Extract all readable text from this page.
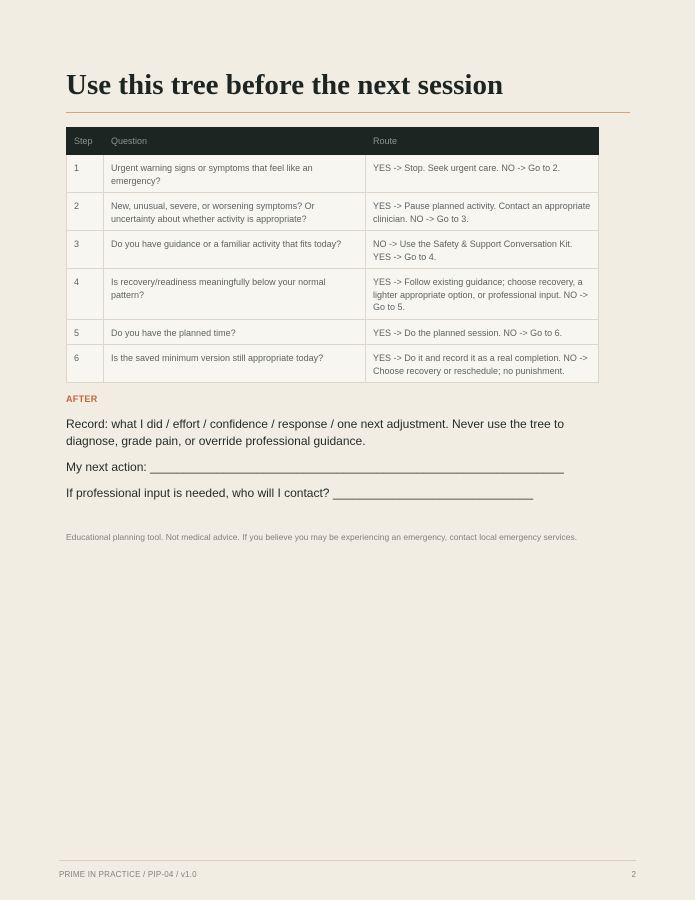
Use this tree before the next session
Step	Question	Route
1	Urgent warning signs or symptoms that feel like an emergency?	YES -> Stop. Seek urgent care. NO -> Go to 2.
2	New, unusual, severe, or worsening symptoms? Or uncertainty about whether activity is appropriate?	YES -> Pause planned activity. Contact an appropriate clinician. NO -> Go to 3.
3	Do you have guidance or a familiar activity that fits today?	NO -> Use the Safety & Support Conversation Kit. YES -> Go to 4.
4	Is recovery/readiness meaningfully below your normal pattern?	YES -> Follow existing guidance; choose recovery, a lighter appropriate option, or professional input. NO -> Go to 5.
5	Do you have the planned time?	YES -> Do the planned session. NO -> Go to 6.
6	Is the saved minimum version still appropriate today?	YES -> Do it and record it as a real completion. NO -> Choose recovery or reschedule; no punishment.
AFTER

Record: what I did / effort / confidence / response / one next adjustment. Never use the tree to diagnose, grade pain, or override professional guidance.

My next action: ______________________________________________________________

If professional input is needed, who will I contact? ______________________________

Educational planning tool. Not medical advice. If you believe you may be experiencing an emergency, contact local emergency services.

PRIME IN PRACTICE / PIP-04 / v1.0	2
